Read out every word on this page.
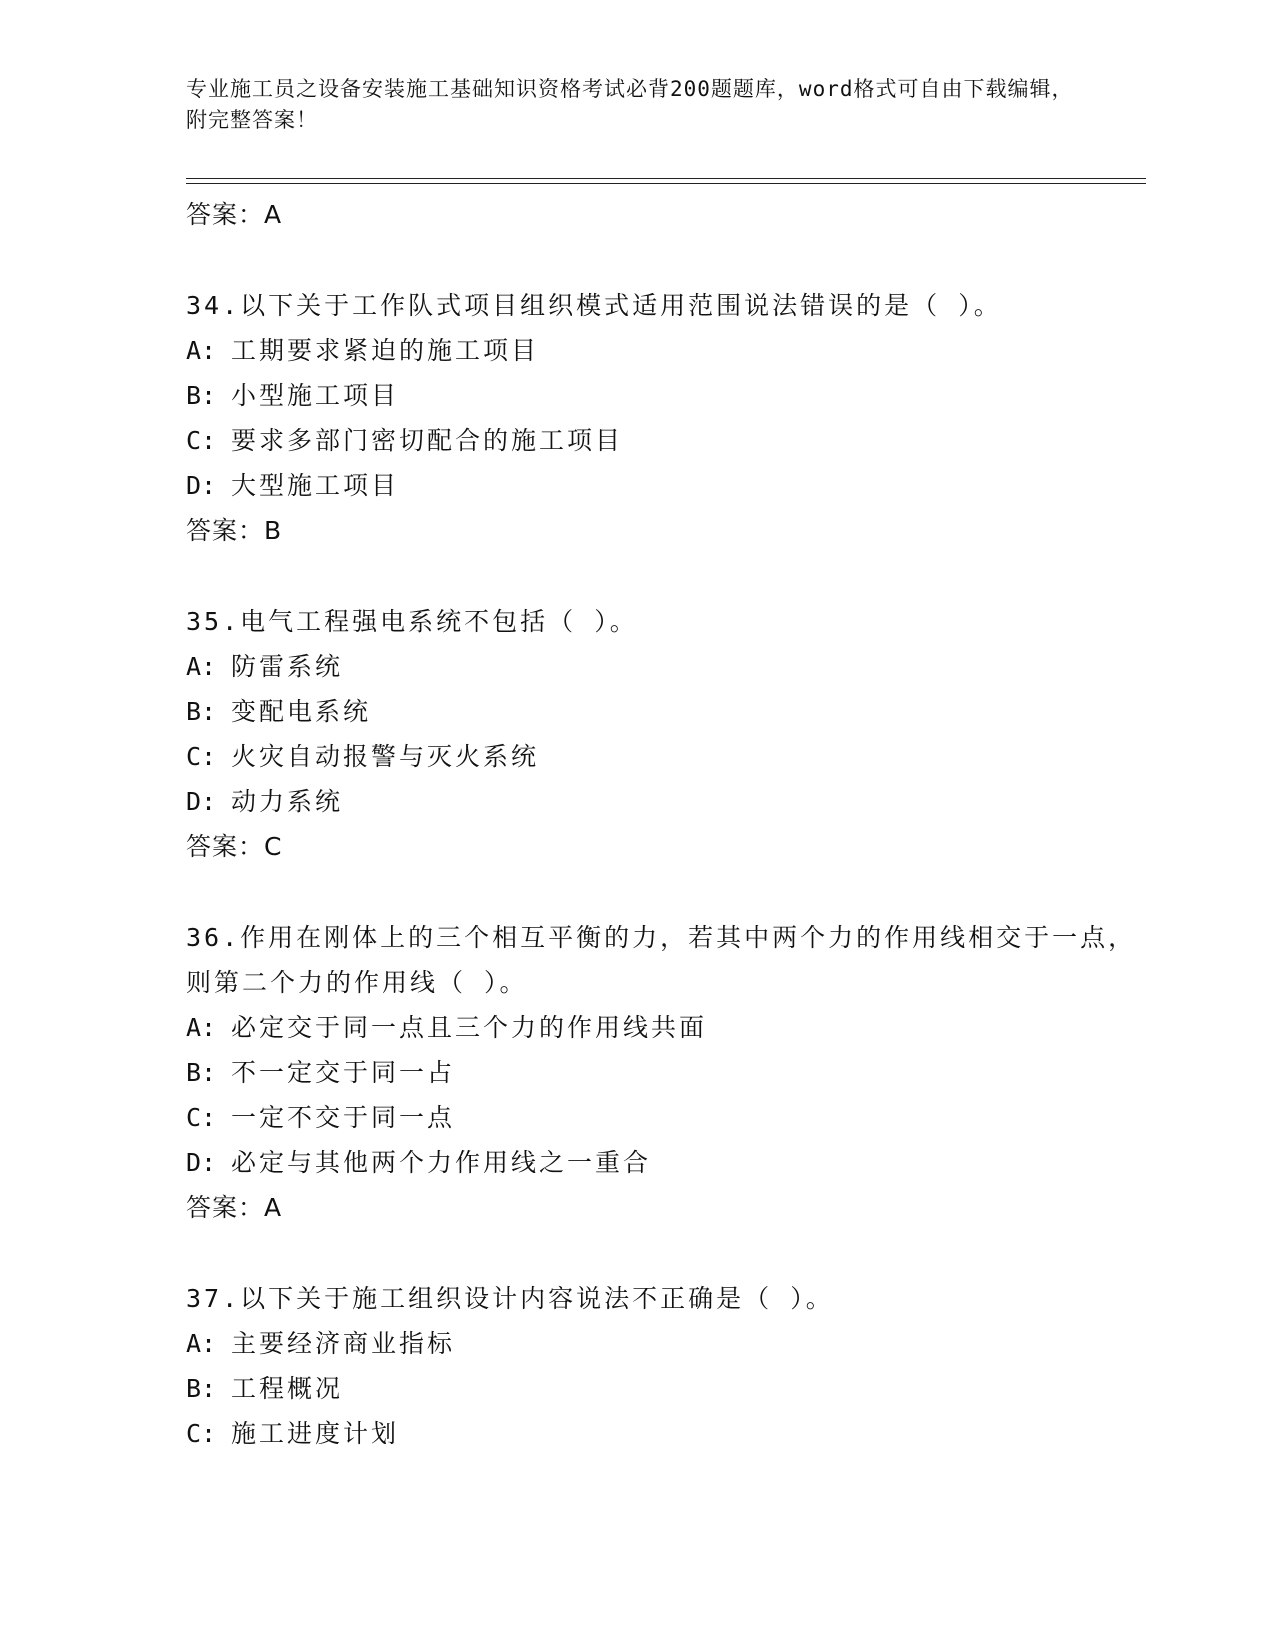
专业施工员之设备安装施工基础知识资格考试必背200题题库，word格式可自由下载编辑，附完整答案！
答案：A
34.以下关于工作队式项目组织模式适用范围说法错误的是（ ）。
A: 工期要求紧迫的施工项目
B: 小型施工项目
C: 要求多部门密切配合的施工项目
D: 大型施工项目
答案：B
35.电气工程强电系统不包括（ ）。
A: 防雷系统
B: 变配电系统
C: 火灾自动报警与灭火系统
D: 动力系统
答案：C
36.作用在刚体上的三个相互平衡的力，若其中两个力的作用线相交于一点，则第二个力的作用线（ ）。
A: 必定交于同一点且三个力的作用线共面
B: 不一定交于同一占
C: 一定不交于同一点
D: 必定与其他两个力作用线之一重合
答案：A
37.以下关于施工组织设计内容说法不正确是（ ）。
A: 主要经济商业指标
B: 工程概况
C: 施工进度计划
